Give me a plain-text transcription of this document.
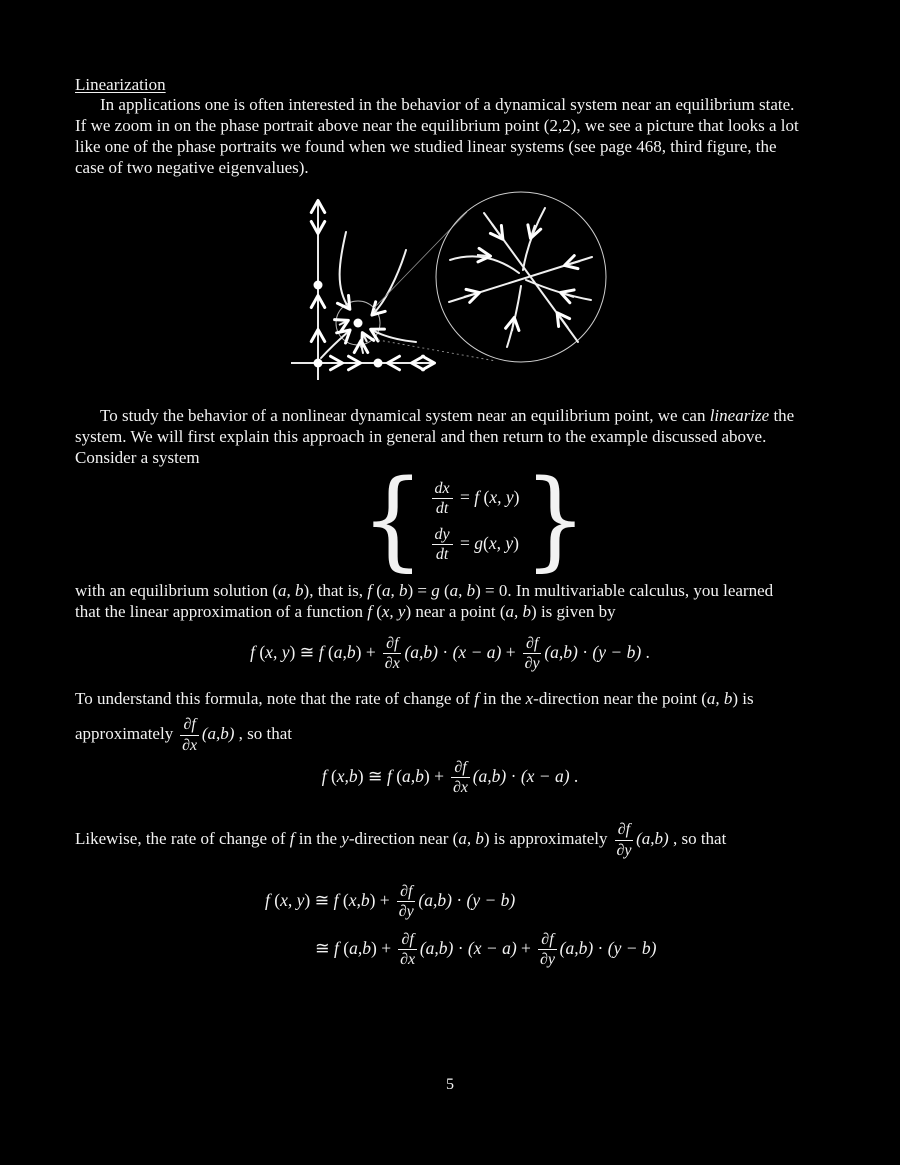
Linearization
In applications one is often interested in the behavior of a dynamical system near an equilibrium state.
If we zoom in on the phase portrait above near the equilibrium point (2,2), we see a picture that looks a lot
like one of the phase portraits we found when we studied linear systems (see page 468, third figure, the
case of two negative eigenvalues).
To study the behavior of a nonlinear dynamical system near an equilibrium point, we can linearize the
system. We will first explain this approach in general and then return to the example discussed above.
Consider a system	{ $\frac{dx}{dt} = f$ (x, y)
$\frac{dy}{dt} = g(x$, y) }
with an equilibrium solution (a, b), that is, f (a, b) = g (a, b) = 0. In multivariable calculus, you learned
that the linear approximation of a function f (x, y) near a point (a, b) is given by
f (x, y) ≅ f $(a,b) + \frac{\partial f}{\partial x} (a,b) \cdot (x - a) + \frac{\partial f}{\partial y} (a,b) \cdot (y - b)$ .
To understand this formula, note that the rate of change of f in the x-direction near the point (a, b) is
approximately $\frac{\partial f}{\partial x} (a,b)$ , so that
f (x,b) ≅ f $(a,b) + \frac{\partial f}{\partial x} (a,b) \cdot (x - a)$ .
Likewise, the rate of change of f in the y-direction near (a, b) is approximately $\frac{\partial f}{\partial y} (a,b)$ , so that
f (x, y) ≅ f $(x,b) + \frac{\partial f}{\partial y} (a,b) \cdot (y - b)$
≅ f $(a,b) + \frac{\partial f}{\partial x} (a,b) \cdot (x - a) + \frac{\partial f}{\partial y} (a,b) \cdot (y - b)$
5
